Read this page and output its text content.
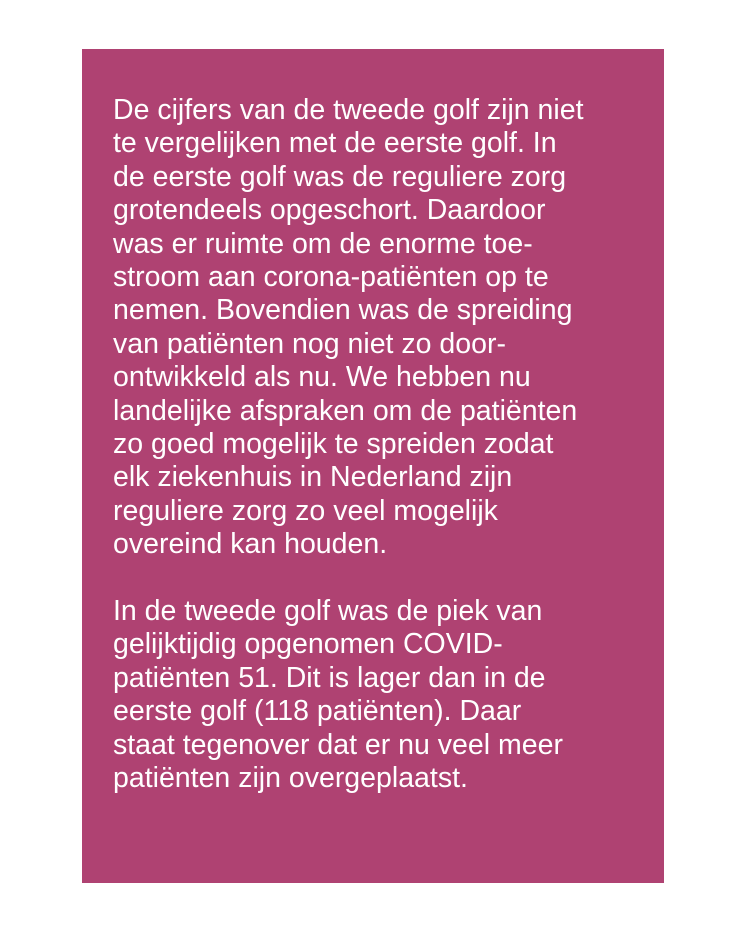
De cijfers van de tweede golf zijn niet
te vergelijken met de eerste golf. In
de eerste golf was de reguliere zorg
grotendeels opgeschort. Daardoor
was er ruimte om de enorme toe-
stroom aan corona-patiënten op te
nemen. Bovendien was de spreiding
van patiënten nog niet zo door-
ontwikkeld als nu. We hebben nu
landelijke afspraken om de patiënten
zo goed mogelijk te spreiden zodat
elk ziekenhuis in Nederland zijn
reguliere zorg zo veel mogelijk
overeind kan houden.

In de tweede golf was de piek van
gelijktijdig opgenomen COVID-
patiënten 51. Dit is lager dan in de
eerste golf (118 patiënten). Daar
staat tegenover dat er nu veel meer
patiënten zijn overgeplaatst.
